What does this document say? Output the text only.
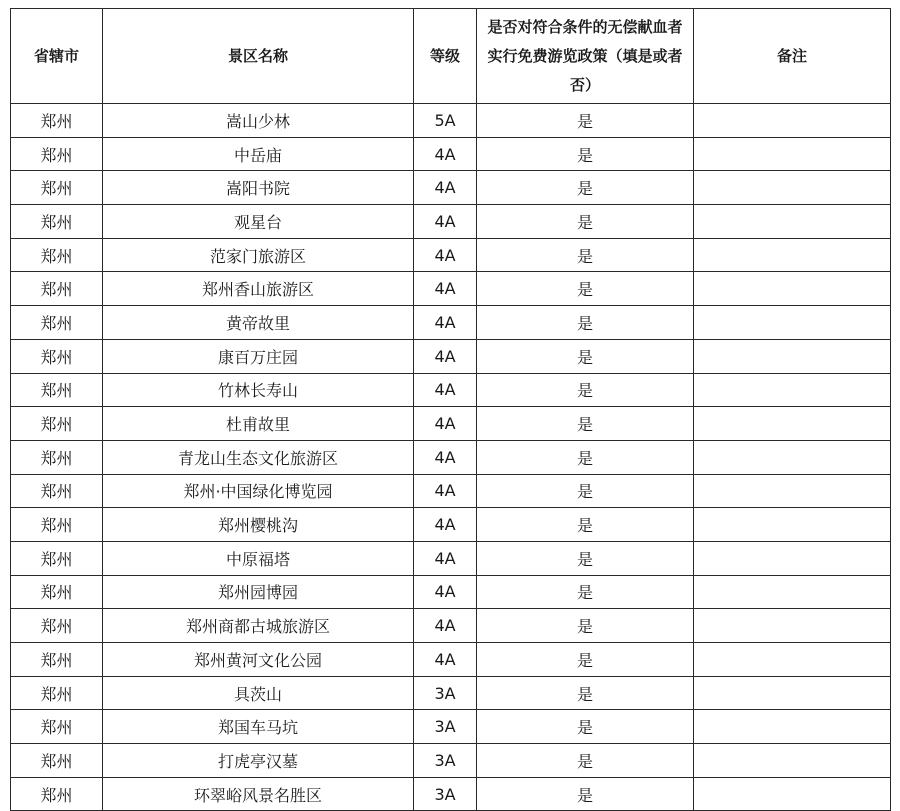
省辖市	景区名称	等级	是否对符合条件的无偿献血者实行免费游览政策（填是或者否）	备注
郑州	嵩山少林	5A	是	
郑州	中岳庙	4A	是	
郑州	嵩阳书院	4A	是	
郑州	观星台	4A	是	
郑州	范家门旅游区	4A	是	
郑州	郑州香山旅游区	4A	是	
郑州	黄帝故里	4A	是	
郑州	康百万庄园	4A	是	
郑州	竹林长寿山	4A	是	
郑州	杜甫故里	4A	是	
郑州	青龙山生态文化旅游区	4A	是	
郑州	郑州·中国绿化博览园	4A	是	
郑州	郑州樱桃沟	4A	是	
郑州	中原福塔	4A	是	
郑州	郑州园博园	4A	是	
郑州	郑州商都古城旅游区	4A	是	
郑州	郑州黄河文化公园	4A	是	
郑州	具茨山	3A	是	
郑州	郑国车马坑	3A	是	
郑州	打虎亭汉墓	3A	是	
郑州	环翠峪风景名胜区	3A	是	
